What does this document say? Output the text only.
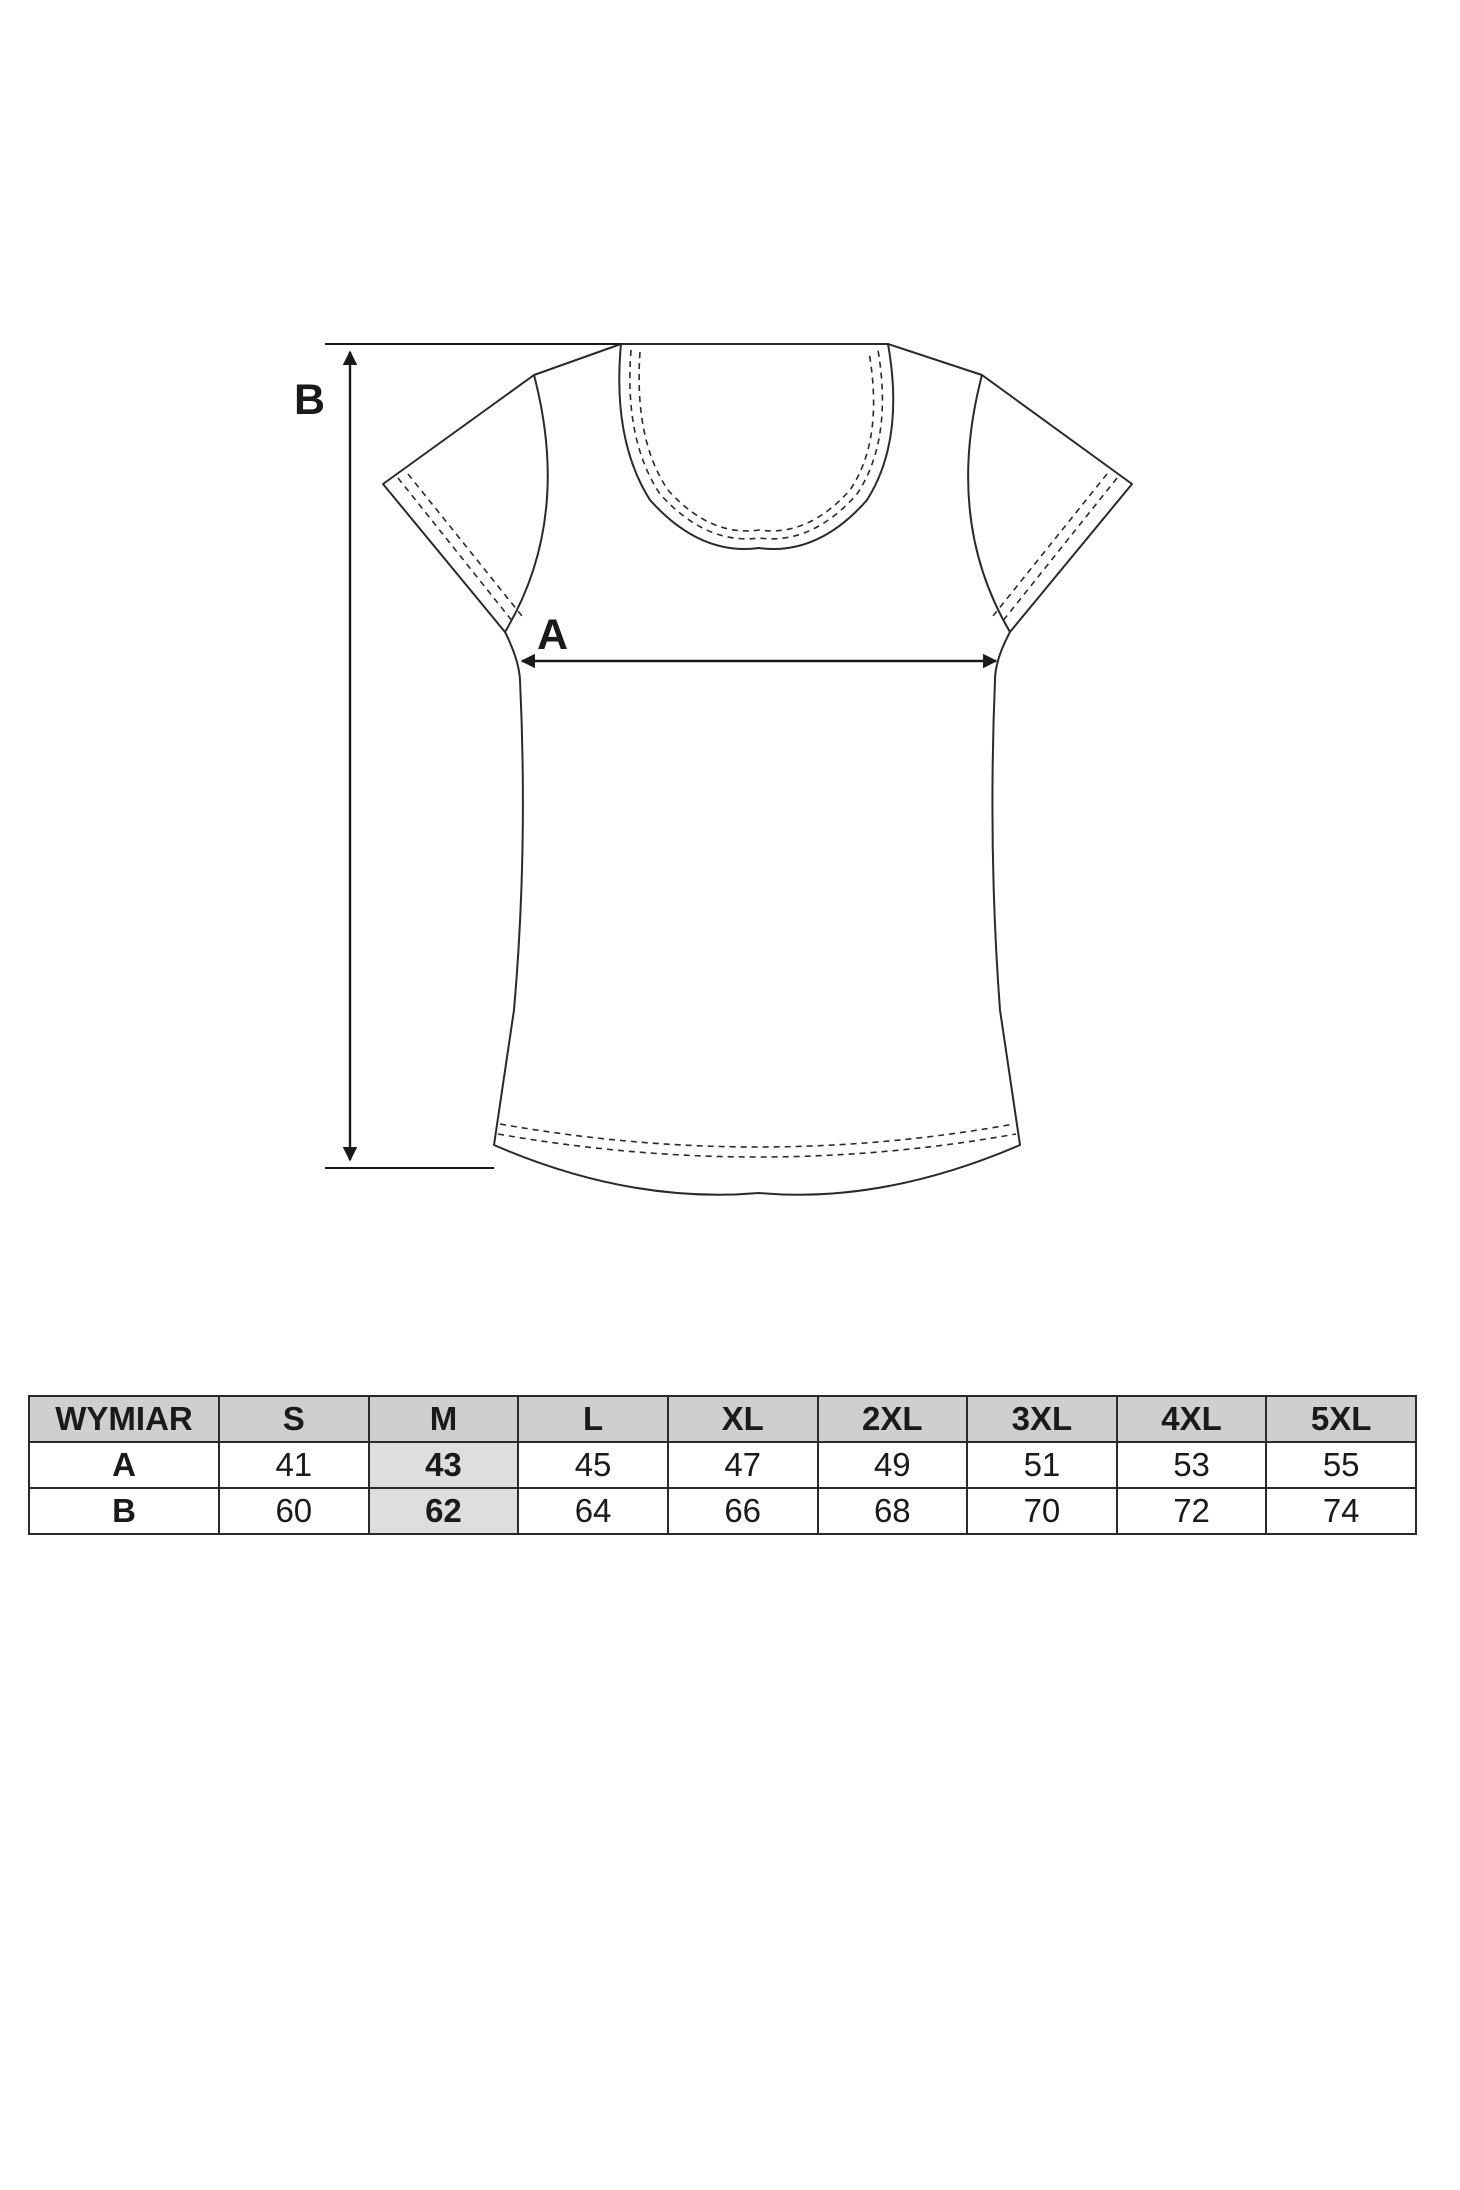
B
A
WYMIAR	S	M	L	XL	2XL	3XL	4XL	5XL
A	41	43	45	47	49	51	53	55
B	60	62	64	66	68	70	72	74
